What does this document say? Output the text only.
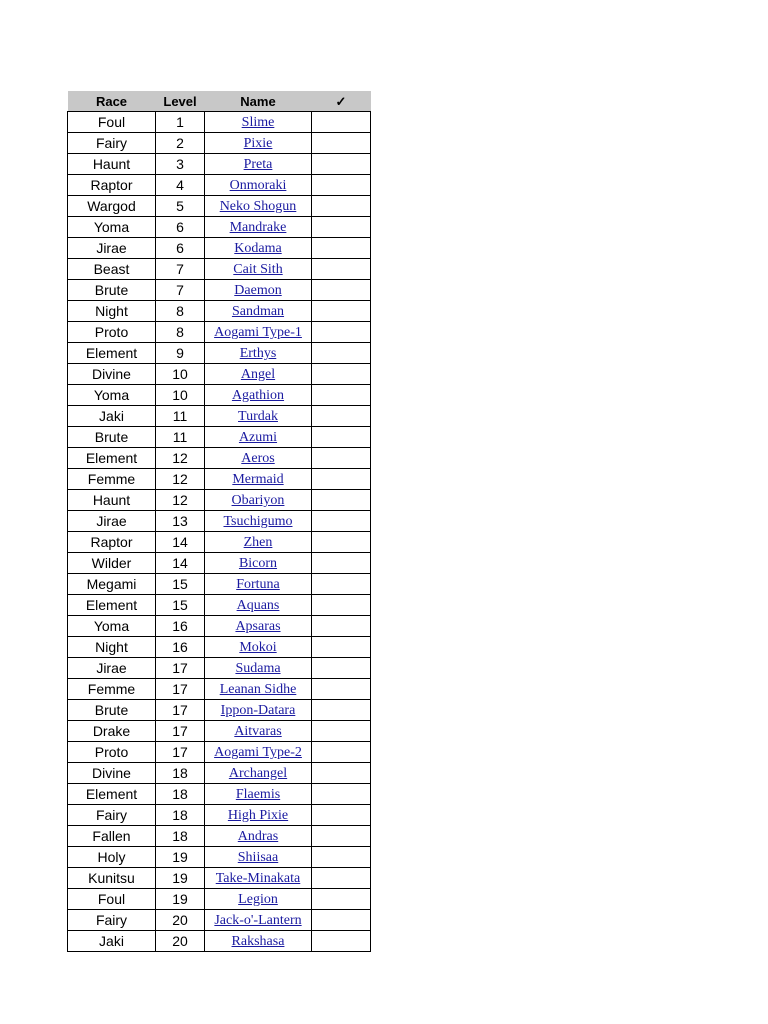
Race	Level	Name	✓
Foul	1	Slime	
Fairy	2	Pixie	
Haunt	3	Preta	
Raptor	4	Onmoraki	
Wargod	5	Neko Shogun	
Yoma	6	Mandrake	
Jirae	6	Kodama	
Beast	7	Cait Sith	
Brute	7	Daemon	
Night	8	Sandman	
Proto	8	Aogami Type-1	
Element	9	Erthys	
Divine	10	Angel	
Yoma	10	Agathion	
Jaki	11	Turdak	
Brute	11	Azumi	
Element	12	Aeros	
Femme	12	Mermaid	
Haunt	12	Obariyon	
Jirae	13	Tsuchigumo	
Raptor	14	Zhen	
Wilder	14	Bicorn	
Megami	15	Fortuna	
Element	15	Aquans	
Yoma	16	Apsaras	
Night	16	Mokoi	
Jirae	17	Sudama	
Femme	17	Leanan Sidhe	
Brute	17	Ippon-Datara	
Drake	17	Aitvaras	
Proto	17	Aogami Type-2	
Divine	18	Archangel	
Element	18	Flaemis	
Fairy	18	High Pixie	
Fallen	18	Andras	
Holy	19	Shiisaa	
Kunitsu	19	Take-Minakata	
Foul	19	Legion	
Fairy	20	Jack-o'-Lantern	
Jaki	20	Rakshasa	
